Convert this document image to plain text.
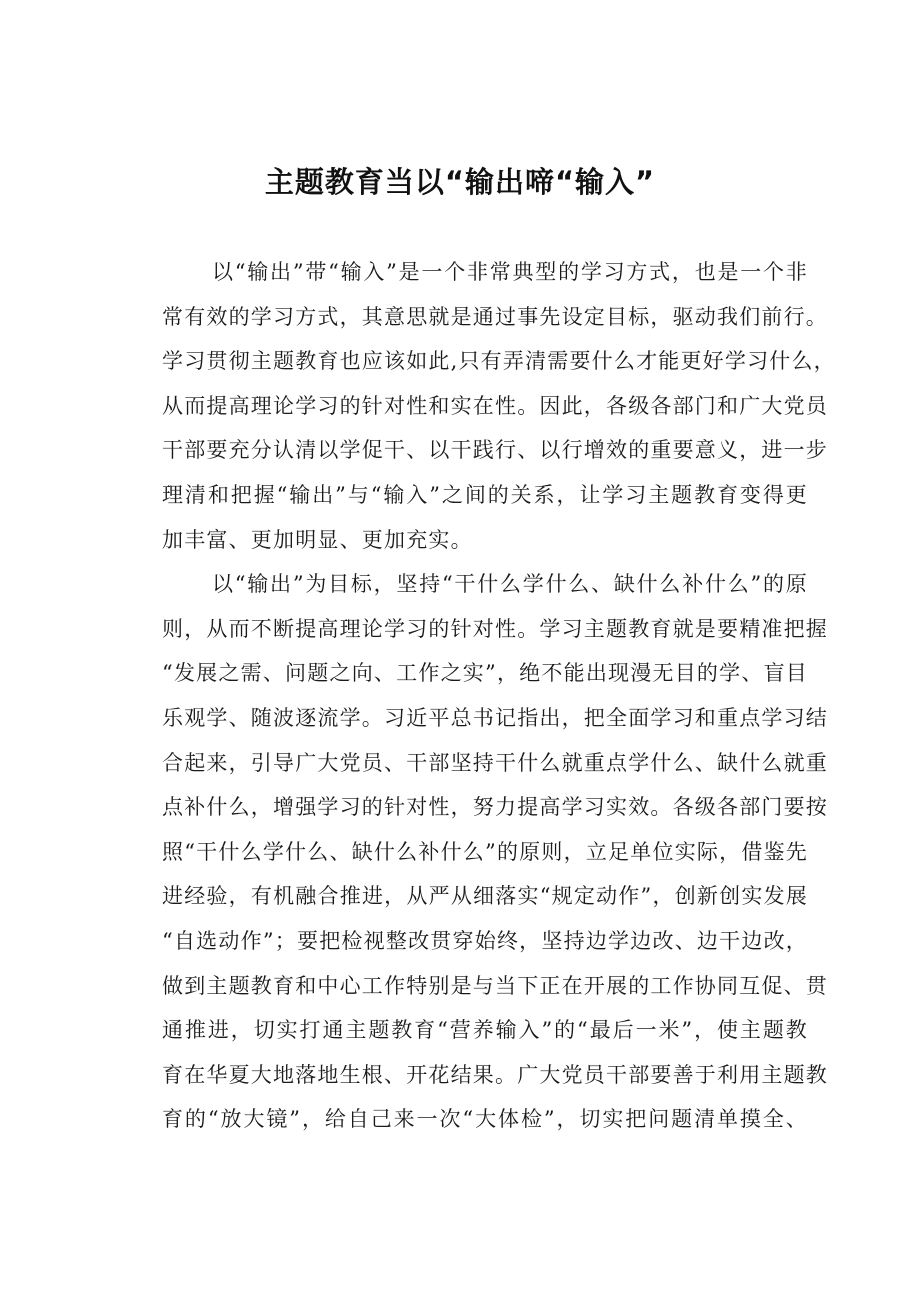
主题教育当以“输出啼“输入”
以“输出”带“输入”是一个非常典型的学习方式，也是一个非
常有效的学习方式，其意思就是通过事先设定目标，驱动我们前行。
学习贯彻主题教育也应该如此,只有弄清需要什么才能更好学习什么，
从而提高理论学习的针对性和实在性。因此，各级各部门和广大党员
干部要充分认清以学促干、以干践行、以行增效的重要意义，进一步
理清和把握“输出”与“输入”之间的关系，让学习主题教育变得更
加丰富、更加明显、更加充实。
以“输出”为目标，坚持“干什么学什么、缺什么补什么”的原
则，从而不断提高理论学习的针对性。学习主题教育就是要精准把握
“发展之需、问题之向、工作之实”，绝不能出现漫无目的学、盲目
乐观学、随波逐流学。习近平总书记指出，把全面学习和重点学习结
合起来，引导广大党员、干部坚持干什么就重点学什么、缺什么就重
点补什么，增强学习的针对性，努力提高学习实效。各级各部门要按
照“干什么学什么、缺什么补什么”的原则，立足单位实际，借鉴先
进经验，有机融合推进，从严从细落实“规定动作”，创新创实发展
“自选动作”；要把检视整改贯穿始终，坚持边学边改、边干边改，
做到主题教育和中心工作特别是与当下正在开展的工作协同互促、贯
通推进，切实打通主题教育“营养输入”的“最后一米”，使主题教
育在华夏大地落地生根、开花结果。广大党员干部要善于利用主题教
育的“放大镜”，给自己来一次“大体检”，切实把问题清单摸全、
